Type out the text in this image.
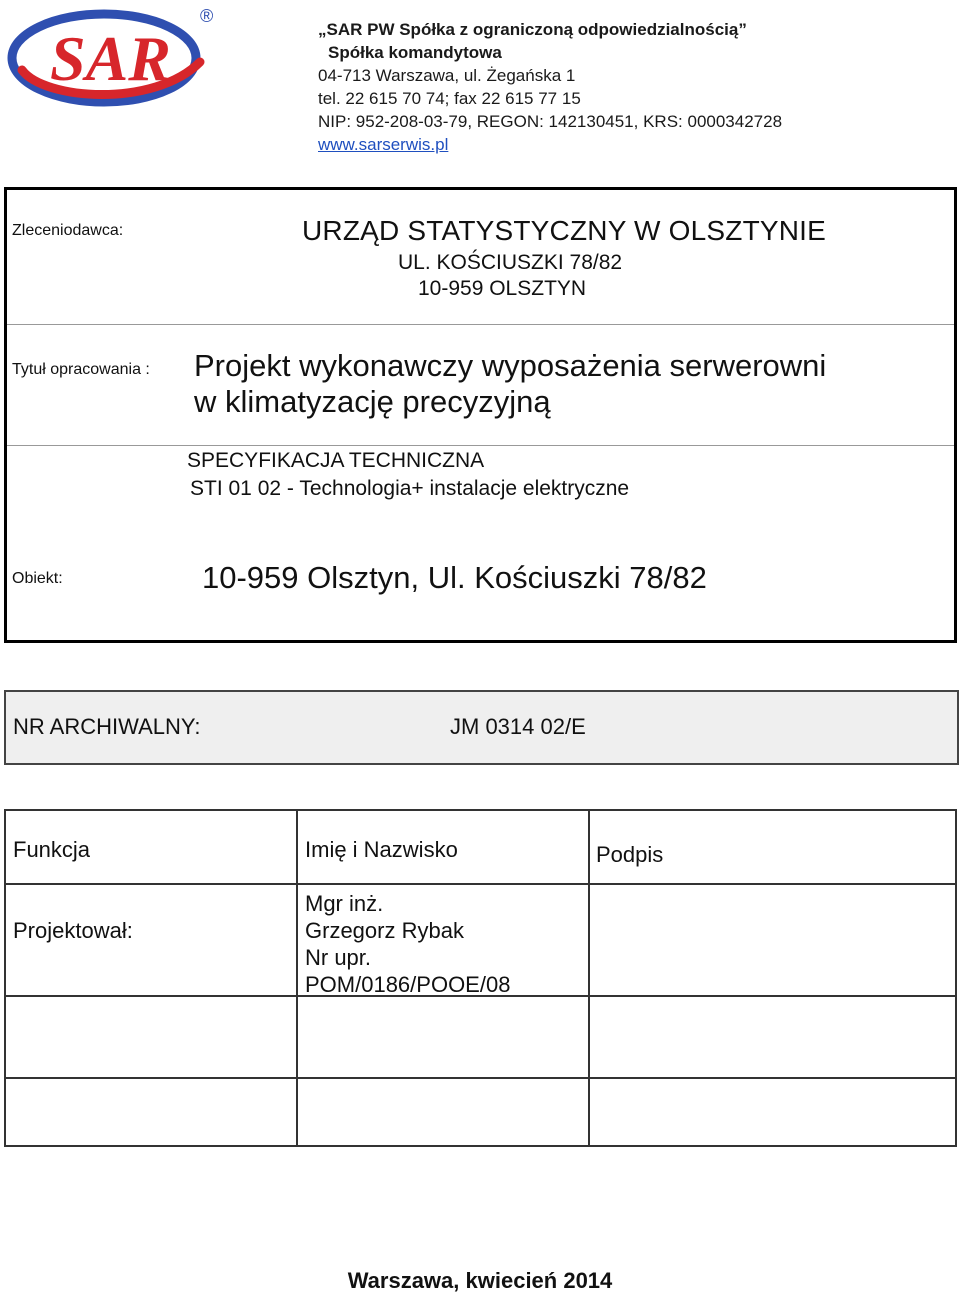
SAR
®
„SAR PW Spółka z ograniczoną odpowiedzialnością”
Spółka komandytowa
04-713 Warszawa, ul. Żegańska 1
tel. 22 615 70 74; fax 22 615 77 15
NIP: 952-208-03-79, REGON: 142130451, KRS: 0000342728
www.sarserwis.pl
Zleceniodawca:	URZĄD STATYSTYCZNY W OLSZTYNIE
UL. KOŚCIUSZKI 78/82
10-959 OLSZTYN
Tytuł opracowania : Projekt wykonawczy wyposażenia serwerowni
w klimatyzację precyzyjną
SPECYFIKACJA TECHNICZNA
STI 01 02 - Technologia+ instalacje elektryczne
Obiekt:	10-959 Olsztyn, Ul. Kościuszki 78/82
NR ARCHIWALNY:	JM 0314 02/E
Funkcja	Imię i Nazwisko	Podpis

Projektował:	Mgr inż.
Grzegorz Rybak
Nr upr.
POM/0186/POOE/08	

Warszawa, kwiecień 2014
